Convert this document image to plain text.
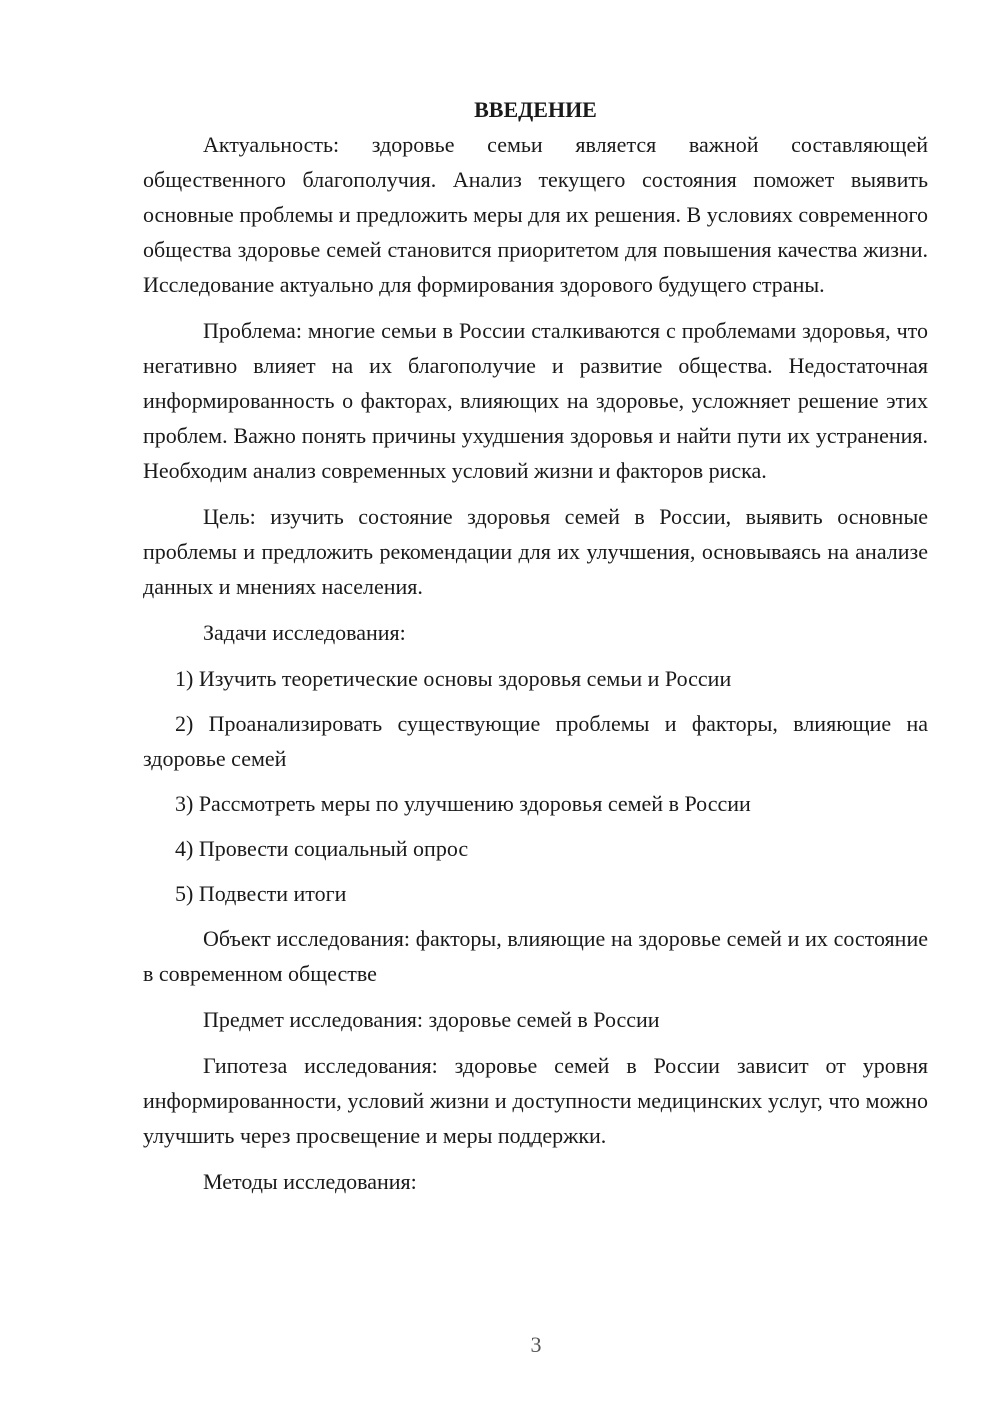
ВВЕДЕНИЕ

Актуальность: здоровье семьи является важной составляющей общественного благополучия. Анализ текущего состояния поможет выявить основные проблемы и предложить меры для их решения. В условиях современного общества здоровье семей становится приоритетом для повышения качества жизни. Исследование актуально для формирования здорового будущего страны.

Проблема: многие семьи в России сталкиваются с проблемами здоровья, что негативно влияет на их благополучие и развитие общества. Недостаточная информированность о факторах, влияющих на здоровье, усложняет решение этих проблем. Важно понять причины ухудшения здоровья и найти пути их устранения. Необходим анализ современных условий жизни и факторов риска.

Цель: изучить состояние здоровья семей в России, выявить основные проблемы и предложить рекомендации для их улучшения, основываясь на анализе данных и мнениях населения.

Задачи исследования:

1) Изучить теоретические основы здоровья семьи и России

2) Проанализировать существующие проблемы и факторы, влияющие на здоровье семей

3) Рассмотреть меры по улучшению здоровья семей в России

4) Провести социальный опрос

5) Подвести итоги

Объект исследования: факторы, влияющие на здоровье семей и их состояние в современном обществе

Предмет исследования: здоровье семей в России

Гипотеза исследования: здоровье семей в России зависит от уровня информированности, условий жизни и доступности медицинских услуг, что можно улучшить через просвещение и меры поддержки.

Методы исследования:

3
